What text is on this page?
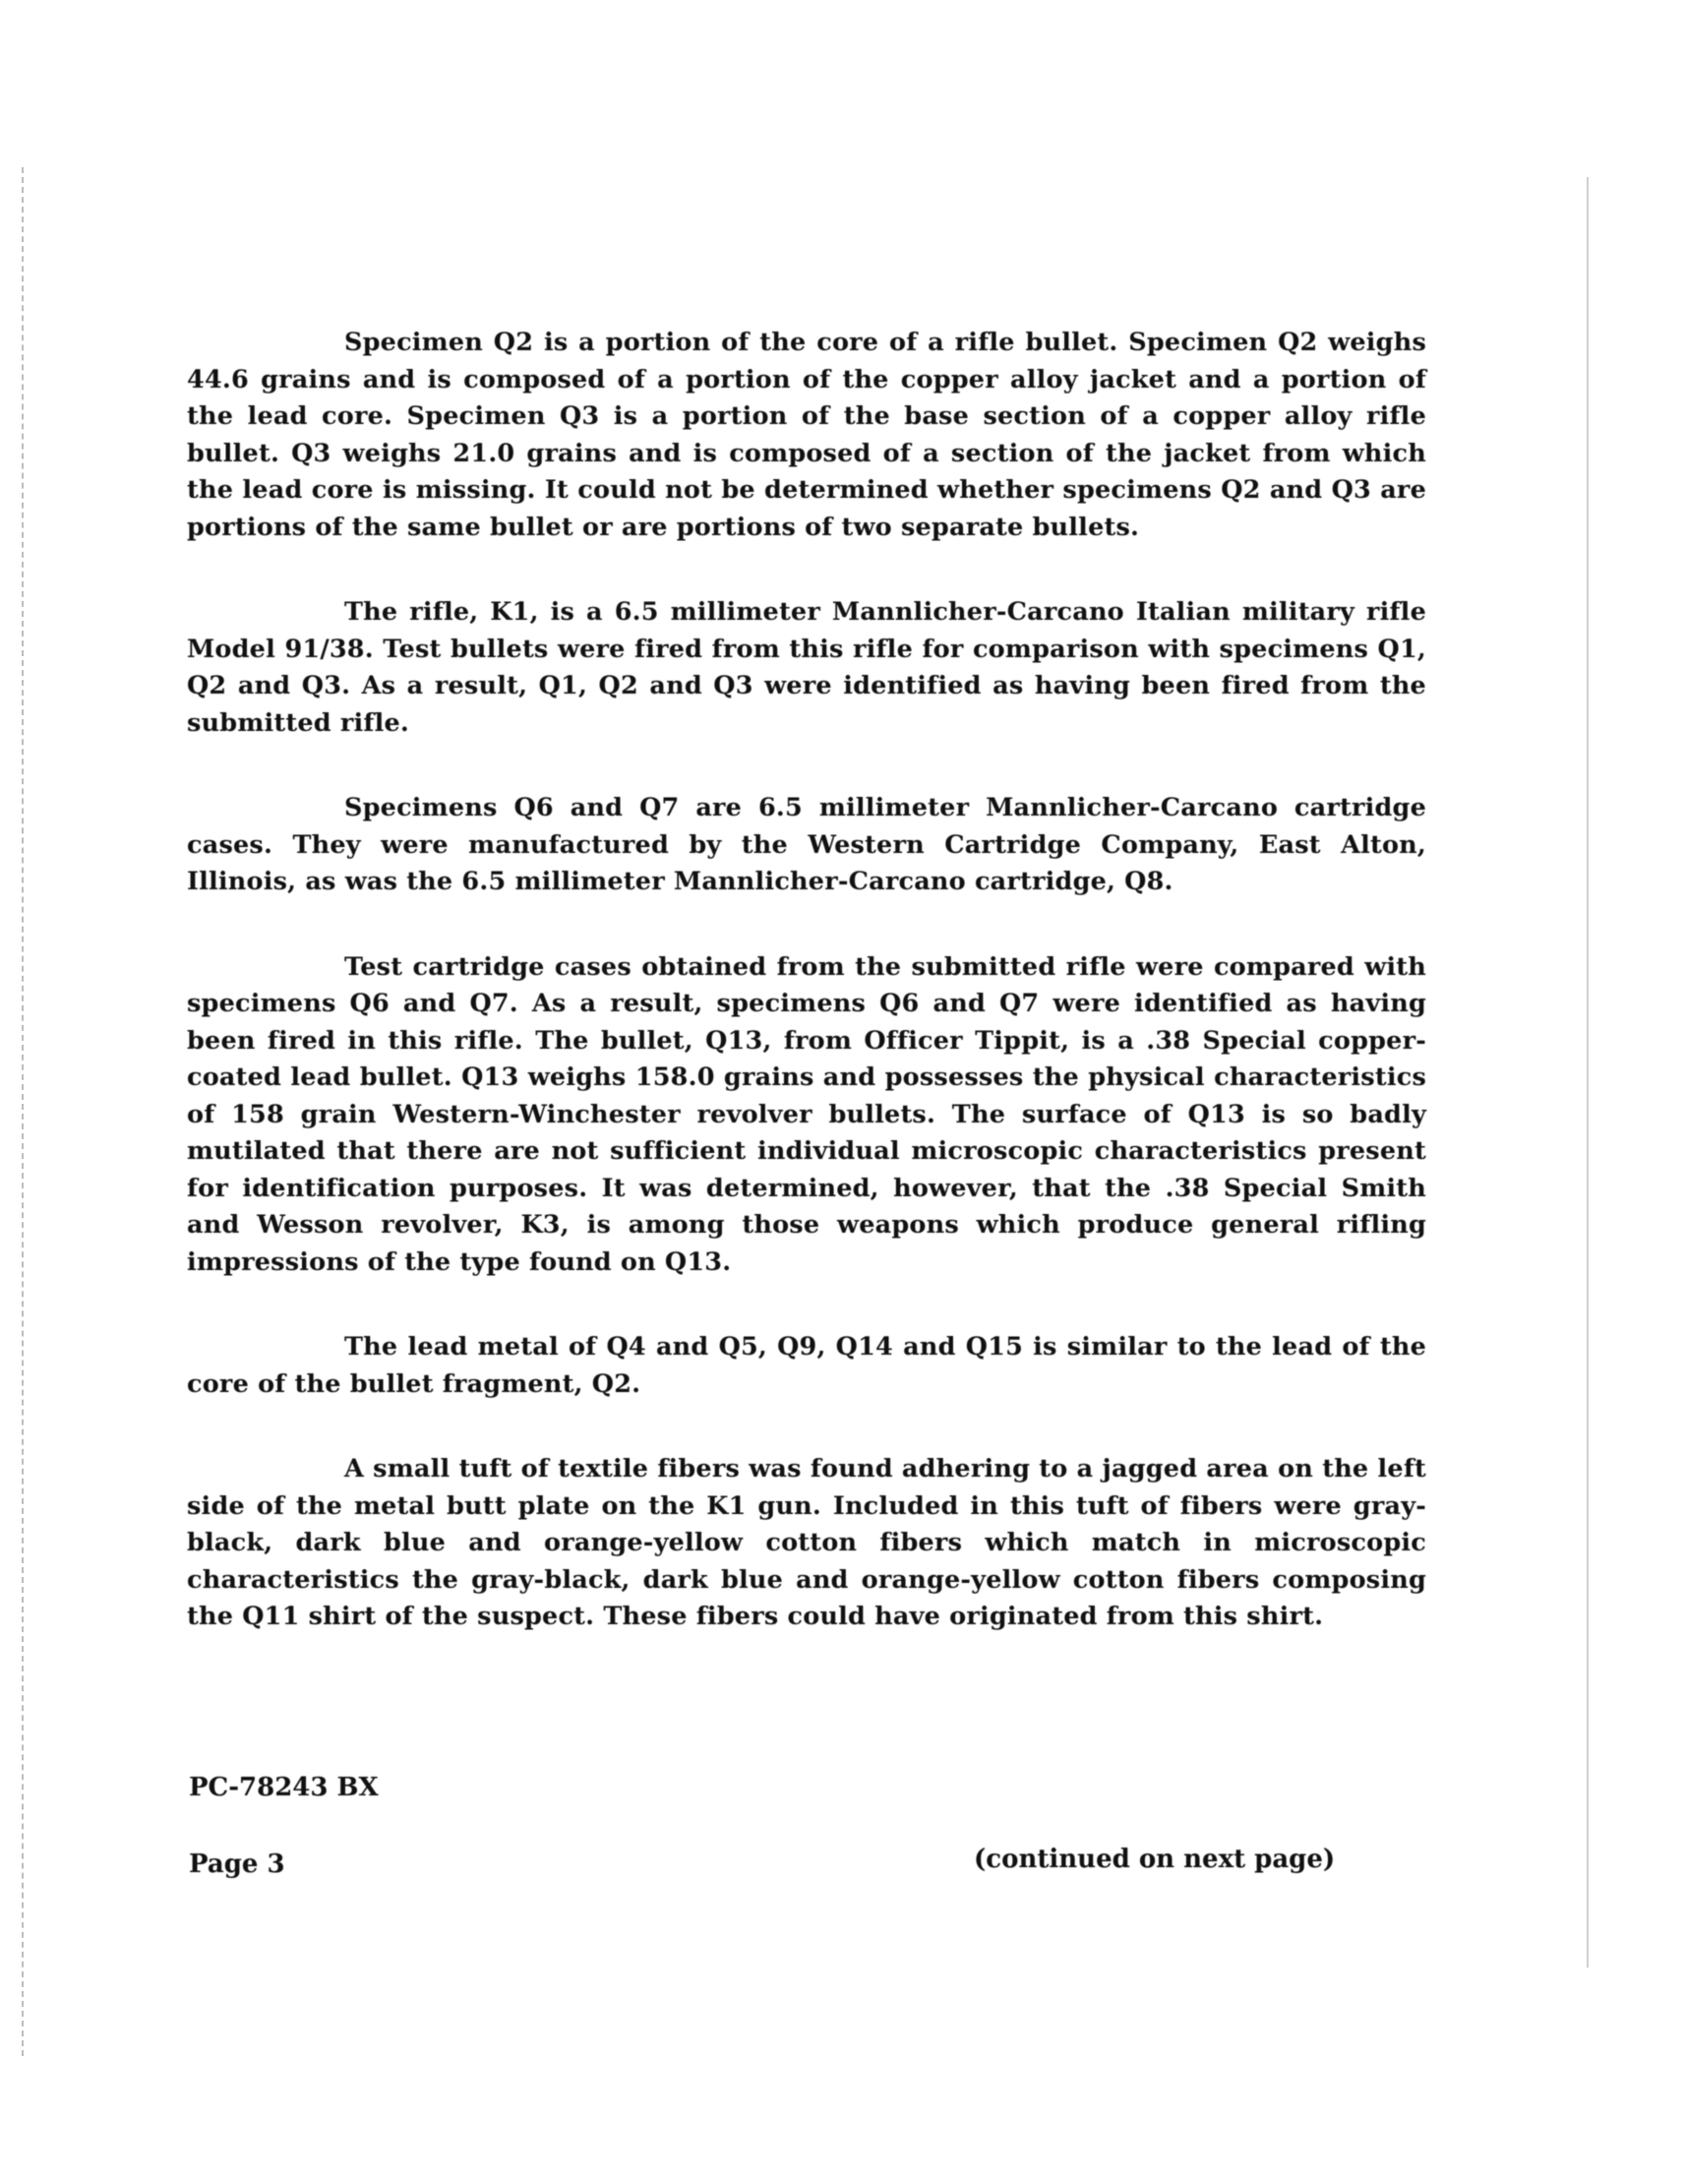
Specimen Q2 is a portion of the core of a rifle bullet. Specimen Q2 weighs 44.6 grains and is composed of a portion of the copper alloy jacket and a portion of the lead core. Specimen Q3 is a portion of the base section of a copper alloy rifle bullet. Q3 weighs 21.0 grains and is composed of a section of the jacket from which the lead core is missing. It could not be determined whether specimens Q2 and Q3 are portions of the same bullet or are portions of two separate bullets.

The rifle, K1, is a 6.5 millimeter Mannlicher-Carcano Italian military rifle Model 91/38. Test bullets were fired from this rifle for comparison with specimens Q1, Q2 and Q3. As a result, Q1, Q2 and Q3 were identified as having been fired from the submitted rifle.

Specimens Q6 and Q7 are 6.5 millimeter Mannlicher-Carcano cartridge cases. They were manufactured by the Western Cartridge Company, East Alton, Illinois, as was the 6.5 millimeter Mannlicher-Carcano cartridge, Q8.

Test cartridge cases obtained from the submitted rifle were compared with specimens Q6 and Q7. As a result, specimens Q6 and Q7 were identified as having been fired in this rifle. The bullet, Q13, from Officer Tippit, is a .38 Special copper-coated lead bullet. Q13 weighs 158.0 grains and possesses the physical characteristics of 158 grain Western-Winchester revolver bullets. The surface of Q13 is so badly mutilated that there are not sufficient individual microscopic characteristics present for identification purposes. It was determined, however, that the .38 Special Smith and Wesson revolver, K3, is among those weapons which produce general rifling impressions of the type found on Q13.

The lead metal of Q4 and Q5, Q9, Q14 and Q15 is similar to the lead of the core of the bullet fragment, Q2.

A small tuft of textile fibers was found adhering to a jagged area on the left side of the metal butt plate on the K1 gun. Included in this tuft of fibers were gray-black, dark blue and orange-yellow cotton fibers which match in microscopic characteristics the gray-black, dark blue and orange-yellow cotton fibers composing the Q11 shirt of the suspect. These fibers could have originated from this shirt.

PC-78243 BX
Page 3	(continued on next page)
